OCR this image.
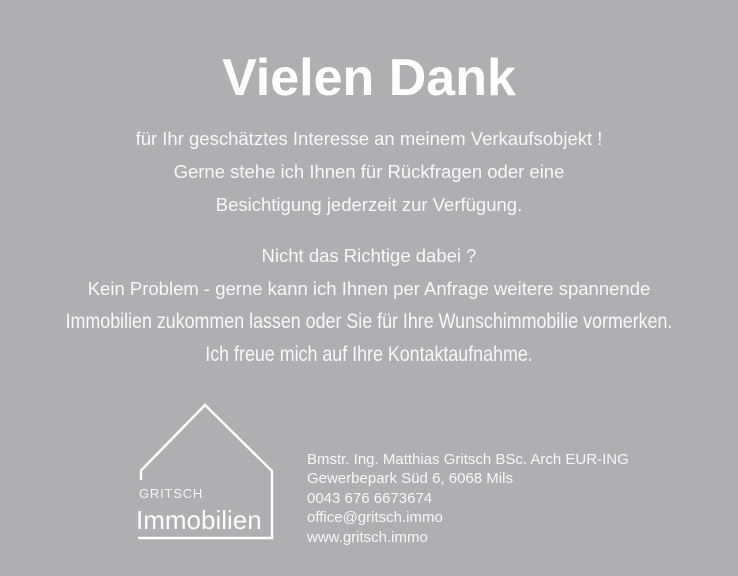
Vielen Dank
für Ihr geschätztes Interesse an meinem Verkaufsobjekt !
Gerne stehe ich Ihnen für Rückfragen oder eine
Besichtigung jederzeit zur Verfügung.
Nicht das Richtige dabei ?
Kein Problem - gerne kann ich Ihnen per Anfrage weitere spannende
Immobilien zukommen lassen oder Sie für Ihre Wunschimmobilie vormerken.
Ich freue mich auf Ihre Kontaktaufnahme.
GRITSCH
Immobilien
Bmstr. Ing. Matthias Gritsch BSc. Arch EUR-ING
Gewerbepark Süd 6, 6068 Mils
0043 676 6673674
office@gritsch.immo
www.gritsch.immo
